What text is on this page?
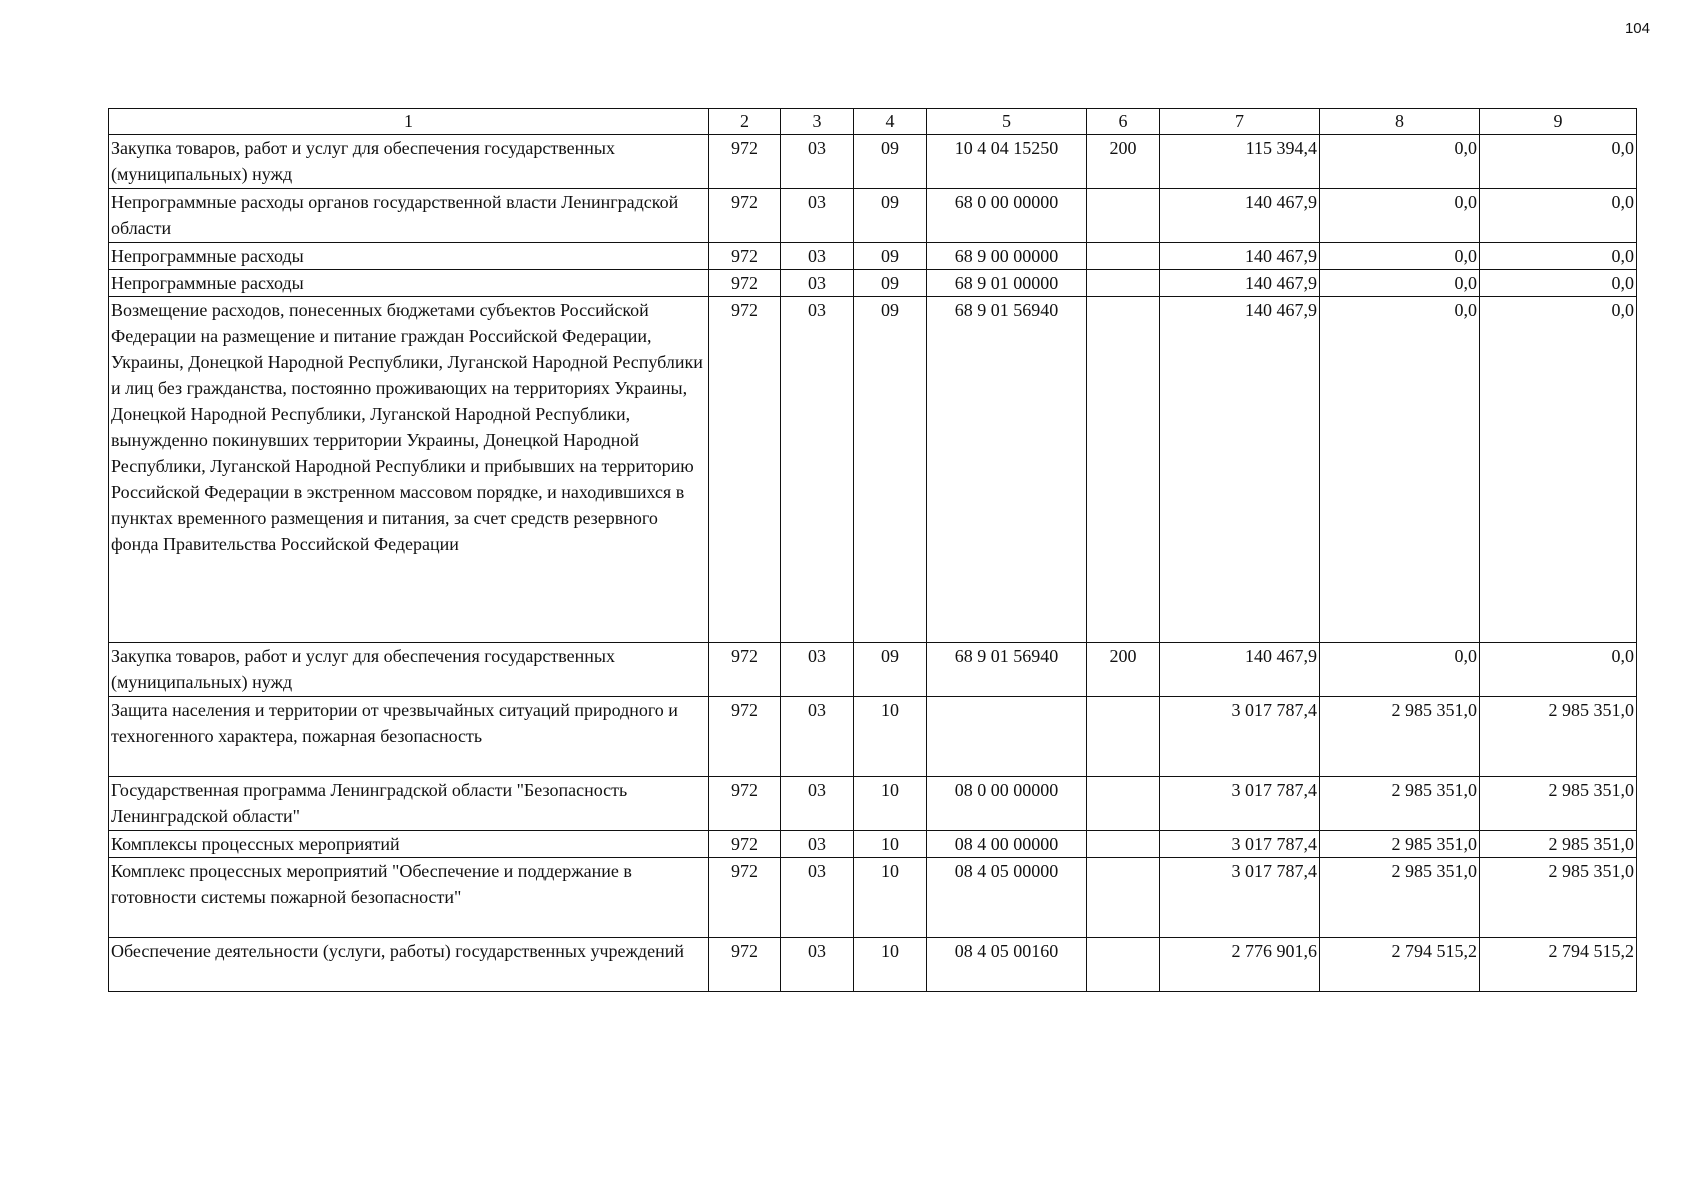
104
1	2	3	4	5	6	7	8	9
Закупка товаров, работ и услуг для обеспечения государственных (муниципальных) нужд	972	03	09	10 4 04 15250	200	115 394,4	0,0	0,0
Непрограммные расходы органов государственной власти Ленинградской области	972	03	09	68 0 00 00000		140 467,9	0,0	0,0
Непрограммные расходы	972	03	09	68 9 00 00000		140 467,9	0,0	0,0
Непрограммные расходы	972	03	09	68 9 01 00000		140 467,9	0,0	0,0
Возмещение расходов, понесенных бюджетами субъектов Российской Федерации на размещение и питание граждан Российской Федерации, Украины, Донецкой Народной Республики, Луганской Народной Республики и лиц без гражданства, постоянно проживающих на территориях Украины, Донецкой Народной Республики, Луганской Народной Республики, вынужденно покинувших территории Украины, Донецкой Народной Республики, Луганской Народной Республики и прибывших на территорию Российской Федерации в экстренном массовом порядке, и находившихся в пунктах временного размещения и питания, за счет средств резервного фонда Правительства Российской Федерации	972	03	09	68 9 01 56940		140 467,9	0,0	0,0
Закупка товаров, работ и услуг для обеспечения государственных (муниципальных) нужд	972	03	09	68 9 01 56940	200	140 467,9	0,0	0,0
Защита населения и территории от чрезвычайных ситуаций природного и техногенного характера, пожарная безопасность	972	03	10			3 017 787,4	2 985 351,0	2 985 351,0
Государственная программа Ленинградской области "Безопасность Ленинградской области"	972	03	10	08 0 00 00000		3 017 787,4	2 985 351,0	2 985 351,0
Комплексы процессных мероприятий	972	03	10	08 4 00 00000		3 017 787,4	2 985 351,0	2 985 351,0
Комплекс процессных мероприятий "Обеспечение и поддержание в готовности системы пожарной безопасности"	972	03	10	08 4 05 00000		3 017 787,4	2 985 351,0	2 985 351,0
Обеспечение деятельности (услуги, работы) государственных учреждений	972	03	10	08 4 05 00160		2 776 901,6	2 794 515,2	2 794 515,2
